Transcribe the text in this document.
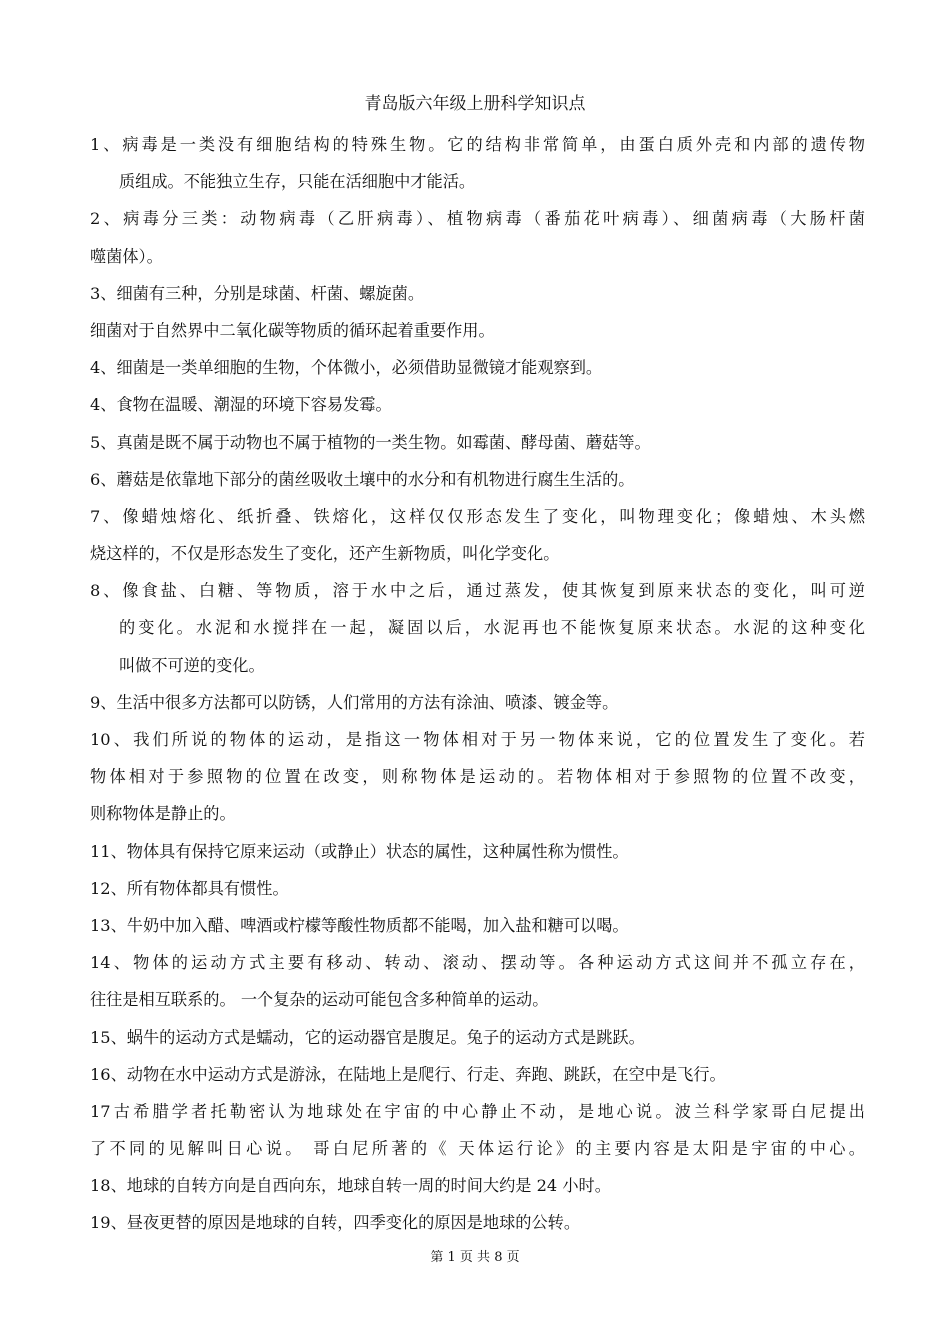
青岛版六年级上册科学知识点
1、病毒是一类没有细胞结构的特殊生物。它的结构非常简单，由蛋白质外壳和内部的遗传物
质组成。不能独立生存，只能在活细胞中才能活。
2、病毒分三类：动物病毒（乙肝病毒）、植物病毒（番茄花叶病毒）、细菌病毒（大肠杆菌
噬菌体）。
3、细菌有三种，分别是球菌、杆菌、螺旋菌。
细菌对于自然界中二氧化碳等物质的循环起着重要作用。
4、细菌是一类单细胞的生物，个体微小，必须借助显微镜才能观察到。
4、食物在温暖、潮湿的环境下容易发霉。
5、真菌是既不属于动物也不属于植物的一类生物。如霉菌、酵母菌、蘑菇等。
6、蘑菇是依靠地下部分的菌丝吸收土壤中的水分和有机物进行腐生生活的。
7、像蜡烛熔化、纸折叠、铁熔化，这样仅仅形态发生了变化，叫物理变化；像蜡烛、木头燃
烧这样的，不仅是形态发生了变化，还产生新物质，叫化学变化。
8、像食盐、白糖、等物质，溶于水中之后，通过蒸发，使其恢复到原来状态的变化，叫可逆
的变化。水泥和水搅拌在一起，凝固以后，水泥再也不能恢复原来状态。水泥的这种变化
叫做不可逆的变化。
9、生活中很多方法都可以防锈，人们常用的方法有涂油、喷漆、镀金等。
10、我们所说的物体的运动，是指这一物体相对于另一物体来说，它的位置发生了变化。若
物体相对于参照物的位置在改变，则称物体是运动的。若物体相对于参照物的位置不改变，
则称物体是静止的。
11、物体具有保持它原来运动（或静止）状态的属性，这种属性称为惯性。
12、所有物体都具有惯性。
13、牛奶中加入醋、啤酒或柠檬等酸性物质都不能喝，加入盐和糖可以喝。
14、物体的运动方式主要有移动、转动、滚动、摆动等。各种运动方式这间并不孤立存在，
往往是相互联系的。 一个复杂的运动可能包含多种简单的运动。
15、蜗牛的运动方式是蠕动，它的运动器官是腹足。兔子的运动方式是跳跃。
16、动物在水中运动方式是游泳，在陆地上是爬行、行走、奔跑、跳跃，在空中是飞行。
17古希腊学者托勒密认为地球处在宇宙的中心静止不动，是地心说。波兰科学家哥白尼提出
了不同的见解叫日心说。 哥白尼所著的《 天体运行论》的主要内容是太阳是宇宙的中心。
18、地球的自转方向是自西向东，地球自转一周的时间大约是 24 小时。
19、昼夜更替的原因是地球的自转，四季变化的原因是地球的公转。
第 1 页 共 8 页
